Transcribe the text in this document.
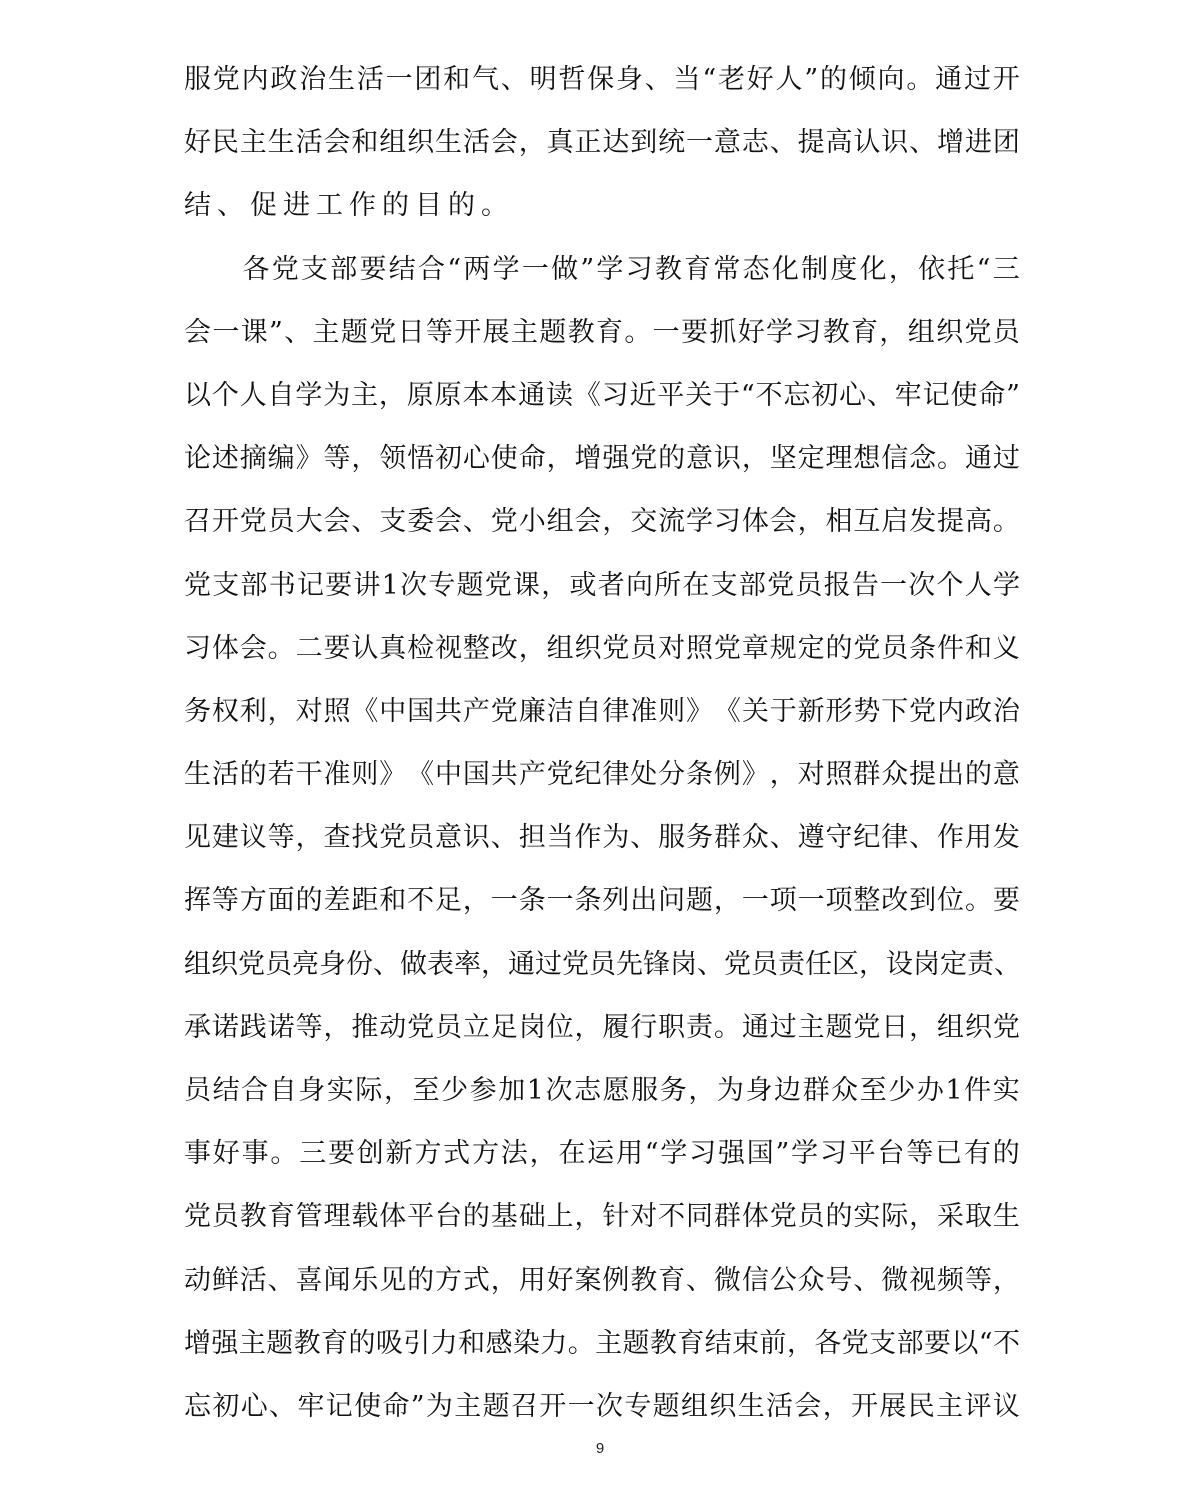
服 党 内 政 治 生 活 一 团 和 气 、 明 哲 保 身 、 当 “ 老 好 人 ” 的 倾 向 。 通 过 开
好 民 主 生 活 会 和 组 织 生 活 会 ， 真 正 达 到 统 一 意 志 、 提 高 认 识 、 增 进 团
结 、 促 进 工 作 的 目 的 。

各 党 支 部 要 结 合 “ 两 学 一 做 ” 学 习 教 育 常 态 化 制 度 化 ， 依 托 “ 三
会 一 课 ” 、 主 题 党 日 等 开 展 主 题 教 育 。 一 要 抓 好 学 习 教 育 ， 组 织 党 员
以 个 人 自 学 为 主 ， 原 原 本 本 通 读 《 习 近 平 关 于 “ 不 忘 初 心 、 牢 记 使 命 ”
论 述 摘 编 》 等 ， 领 悟 初 心 使 命 ， 增 强 党 的 意 识 ， 坚 定 理 想 信 念 。 通 过
召 开 党 员 大 会 、 支 委 会 、 党 小 组 会 ， 交 流 学 习 体 会 ， 相 互 启 发 提 高 。
党 支 部 书 记 要 讲 1 次 专 题 党 课 ， 或 者 向 所 在 支 部 党 员 报 告 一 次 个 人 学
习 体 会 。 二 要 认 真 检 视 整 改 ， 组 织 党 员 对 照 党 章 规 定 的 党 员 条 件 和 义
务 权 利 ， 对 照 《 中 国 共 产 党 廉 洁 自 律 准 则 》 《 关 于 新 形 势 下 党 内 政 治
生 活 的 若 干 准 则 》 《 中 国 共 产 党 纪 律 处 分 条 例 》 ， 对 照 群 众 提 出 的 意
见 建 议 等 ， 查 找 党 员 意 识 、 担 当 作 为 、 服 务 群 众 、 遵 守 纪 律 、 作 用 发
挥 等 方 面 的 差 距 和 不 足 ， 一 条 一 条 列 出 问 题 ， 一 项 一 项 整 改 到 位 。 要
组 织 党 员 亮 身 份 、 做 表 率 ， 通 过 党 员 先 锋 岗 、 党 员 责 任 区 ， 设 岗 定 责 、
承 诺 践 诺 等 ， 推 动 党 员 立 足 岗 位 ， 履 行 职 责 。 通 过 主 题 党 日 ， 组 织 党
员 结 合 自 身 实 际 ， 至 少 参 加 1 次 志 愿 服 务 ， 为 身 边 群 众 至 少 办 1 件 实
事 好 事 。 三 要 创 新 方 式 方 法 ， 在 运 用 “ 学 习 强 国 ” 学 习 平 台 等 已 有 的
党 员 教 育 管 理 载 体 平 台 的 基 础 上 ， 针 对 不 同 群 体 党 员 的 实 际 ， 采 取 生
动 鲜 活 、 喜 闻 乐 见 的 方 式 ， 用 好 案 例 教 育 、 微 信 公 众 号 、 微 视 频 等 ，
增 强 主 题 教 育 的 吸 引 力 和 感 染 力 。 主 题 教 育 结 束 前 ， 各 党 支 部 要 以 “ 不
忘 初 心 、 牢 记 使 命 ” 为 主 题 召 开 一 次 专 题 组 织 生 活 会 ， 开 展 民 主 评 议
9
